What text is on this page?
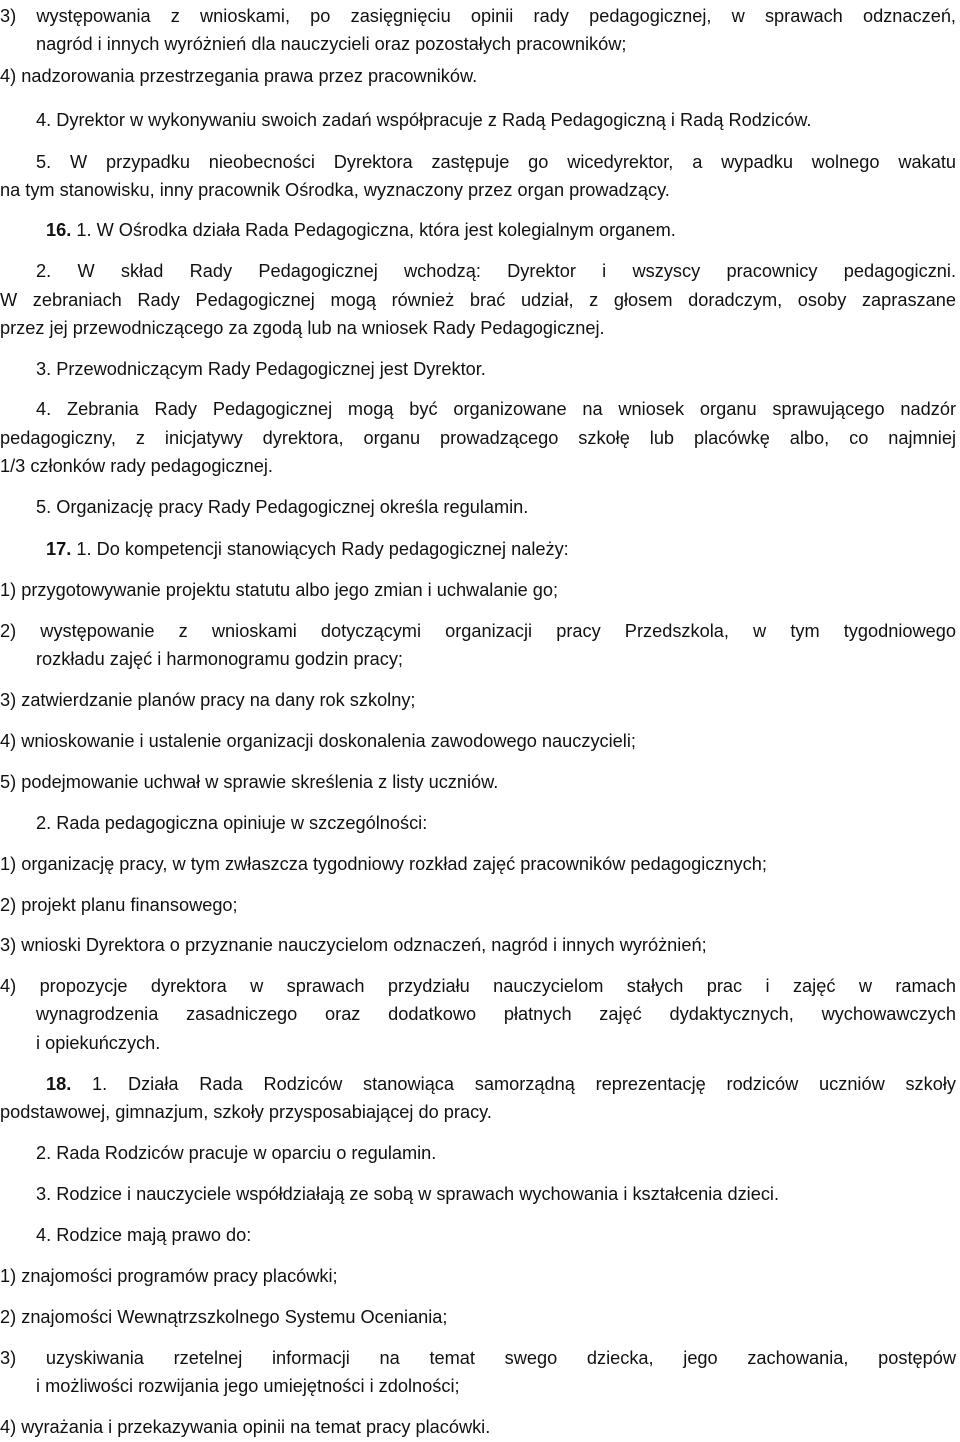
3) występowania z wnioskami, po zasięgnięciu opinii rady pedagogicznej, w sprawach odznaczeń,
nagród i innych wyróżnień dla nauczycieli oraz pozostałych pracowników;
4) nadzorowania przestrzegania prawa przez pracowników.
4. Dyrektor w wykonywaniu swoich zadań współpracuje z Radą Pedagogiczną i Radą Rodziców.
5. W przypadku nieobecności Dyrektora zastępuje go wicedyrektor, a wypadku wolnego wakatu
na tym stanowisku, inny pracownik Ośrodka, wyznaczony przez organ prowadzący.
16. 1. W Ośrodka działa Rada Pedagogiczna, która jest kolegialnym organem.
2. W skład Rady Pedagogicznej wchodzą: Dyrektor i wszyscy pracownicy pedagogiczni.
W zebraniach Rady Pedagogicznej mogą również brać udział, z głosem doradczym, osoby zapraszane
przez jej przewodniczącego za zgodą lub na wniosek Rady Pedagogicznej.
3. Przewodniczącym Rady Pedagogicznej jest Dyrektor.
4. Zebrania Rady Pedagogicznej mogą być organizowane na wniosek organu sprawującego nadzór
pedagogiczny, z inicjatywy dyrektora, organu prowadzącego szkołę lub placówkę albo, co najmniej
1/3 członków rady pedagogicznej.
5. Organizację pracy Rady Pedagogicznej określa regulamin.
17. 1. Do kompetencji stanowiących Rady pedagogicznej należy:
1) przygotowywanie projektu statutu albo jego zmian i uchwalanie go;
2) występowanie z wnioskami dotyczącymi organizacji pracy Przedszkola, w tym tygodniowego
rozkładu zajęć i harmonogramu godzin pracy;
3) zatwierdzanie planów pracy na dany rok szkolny;
4) wnioskowanie i ustalenie organizacji doskonalenia zawodowego nauczycieli;
5) podejmowanie uchwał w sprawie skreślenia z listy uczniów.
2. Rada pedagogiczna opiniuje w szczególności:
1) organizację pracy, w tym zwłaszcza tygodniowy rozkład zajęć pracowników pedagogicznych;
2) projekt planu finansowego;
3) wnioski Dyrektora o przyznanie nauczycielom odznaczeń, nagród i innych wyróżnień;
4) propozycje dyrektora w sprawach przydziału nauczycielom stałych prac i zajęć w ramach
wynagrodzenia zasadniczego oraz dodatkowo płatnych zajęć dydaktycznych, wychowawczych
i opiekuńczych.
18. 1. Działa Rada Rodziców stanowiąca samorządną reprezentację rodziców uczniów szkoły
podstawowej, gimnazjum, szkoły przysposabiającej do pracy.
2. Rada Rodziców pracuje w oparciu o regulamin.
3. Rodzice i nauczyciele współdziałają ze sobą w sprawach wychowania i kształcenia dzieci.
4. Rodzice mają prawo do:
1) znajomości programów pracy placówki;
2) znajomości Wewnątrzszkolnego Systemu Oceniania;
3) uzyskiwania rzetelnej informacji na temat swego dziecka, jego zachowania, postępów
i możliwości rozwijania jego umiejętności i zdolności;
4) wyrażania i przekazywania opinii na temat pracy placówki.
